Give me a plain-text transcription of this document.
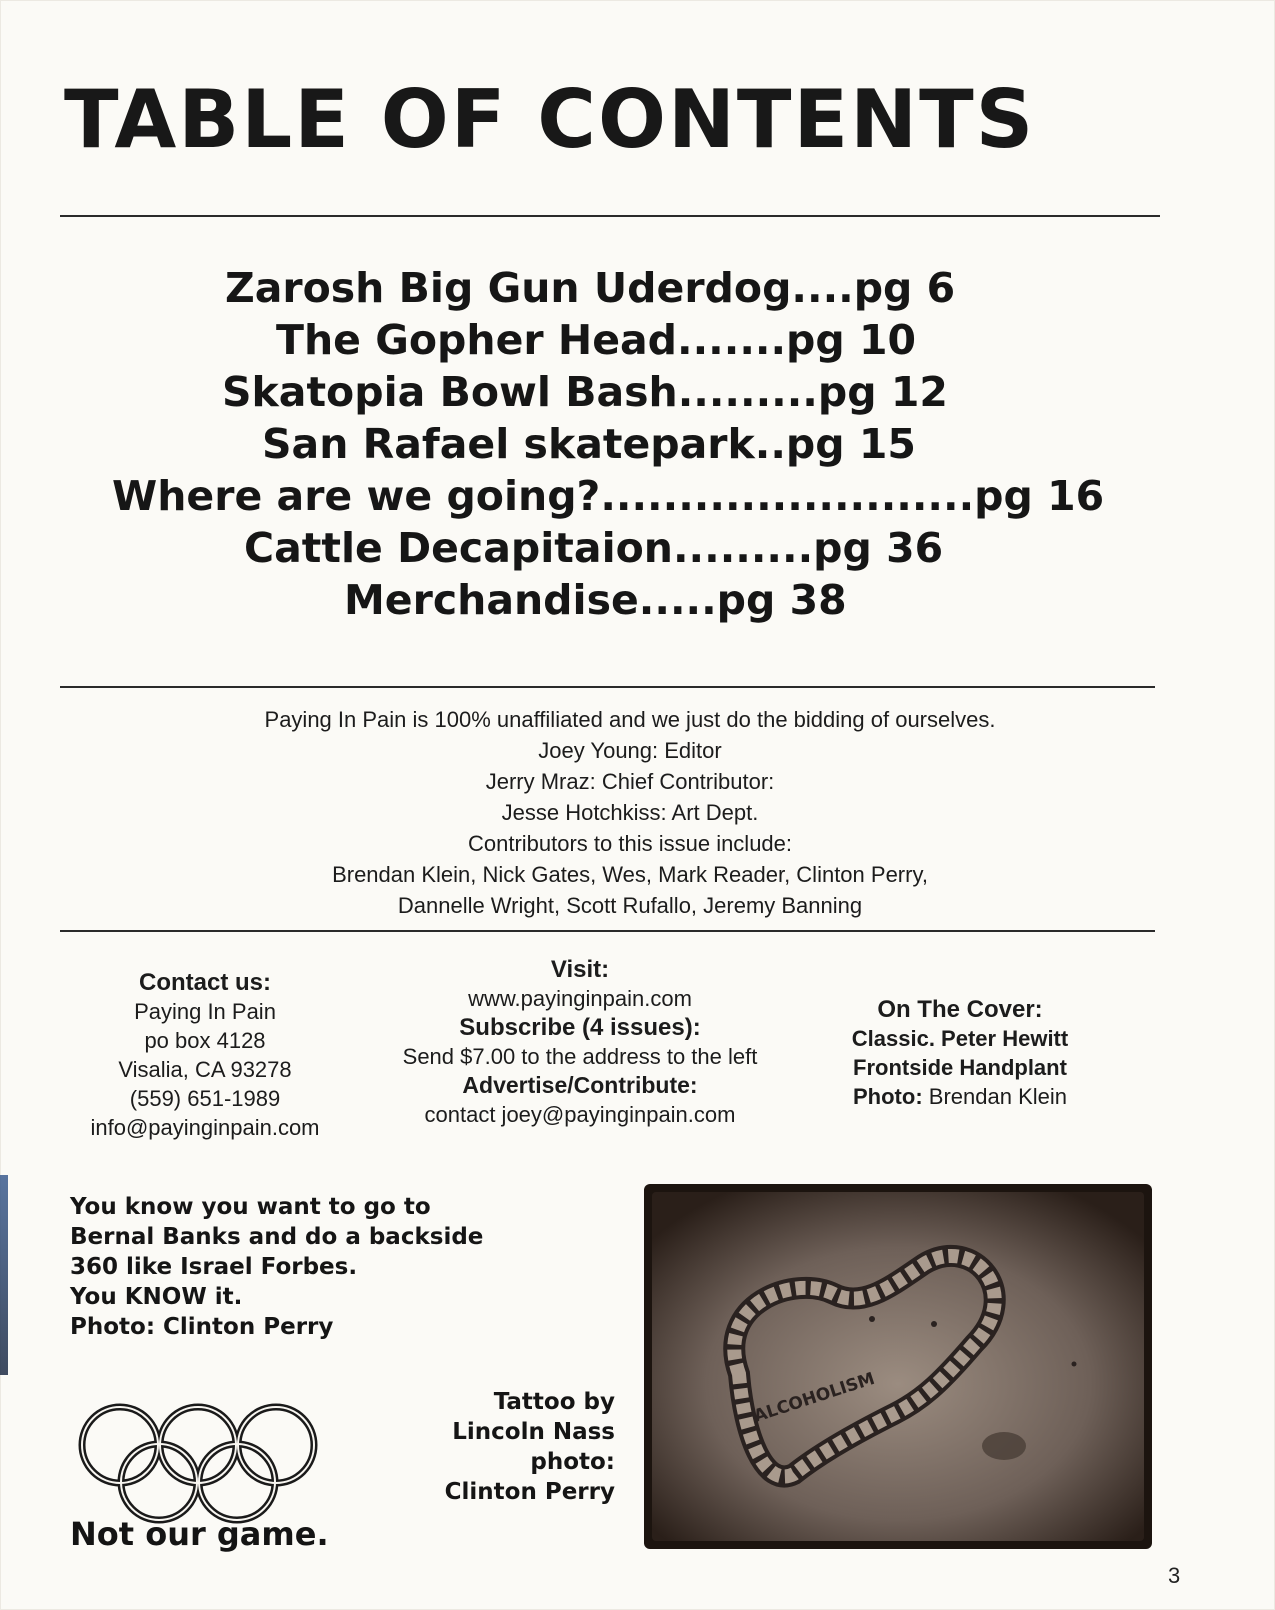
TABLE OF CONTENTS
Zarosh Big Gun Uderdog....pg 6
The Gopher Head.......pg 10
Skatopia Bowl Bash.........pg 12
San Rafael skatepark..pg 15
Where are we going?........................pg 16
Cattle Decapitaion.........pg 36
Merchandise.....pg 38
Paying In Pain is 100% unaffiliated and we just do the bidding of ourselves.
Joey Young: Editor
Jerry Mraz: Chief Contributor:
Jesse Hotchkiss: Art Dept.
Contributors to this issue include:
Brendan Klein, Nick Gates, Wes, Mark Reader, Clinton Perry,
Dannelle Wright, Scott Rufallo, Jeremy Banning
Contact us:
Paying In Pain
po box 4128
Visalia, CA 93278
(559) 651-1989
info@payinginpain.com
Visit:
www.payinginpain.com
Subscribe (4 issues):
Send $7.00 to the address to the left
Advertise/Contribute:
contact joey@payinginpain.com
On The Cover:
Classic. Peter Hewitt
Frontside Handplant
Photo: Brendan Klein
You know you want to go to
Bernal Banks and do a backside
360 like Israel Forbes.
You KNOW it.
Photo: Clinton Perry
Not our game.
Tattoo by
Lincoln Nass
photo:
Clinton Perry
ALCOHOLISM
3
